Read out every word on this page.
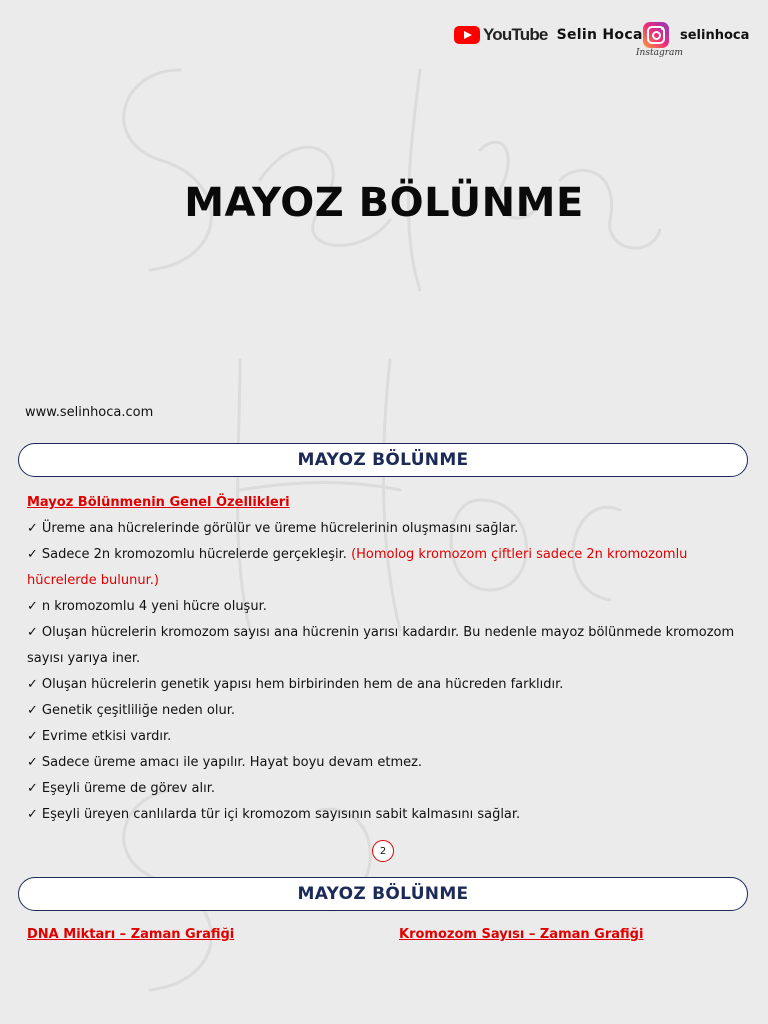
YouTube Selin Hoca	selinhoca
Instagram
MAYOZ BÖLÜNME
www.selinhoca.com
MAYOZ BÖLÜNME
Mayoz Bölünmenin Genel Özellikleri
✓ Üreme ana hücrelerinde görülür ve üreme hücrelerinin oluşmasını sağlar.
✓ Sadece 2n kromozomlu hücrelerde gerçekleşir. (Homolog kromozom çiftleri sadece 2n kromozomlu hücrelerde bulunur.)
✓ n kromozomlu 4 yeni hücre oluşur.
✓ Oluşan hücrelerin kromozom sayısı ana hücrenin yarısı kadardır. Bu nedenle mayoz bölünmede kromozom sayısı yarıya iner.
✓ Oluşan hücrelerin genetik yapısı hem birbirinden hem de ana hücreden farklıdır.
✓ Genetik çeşitliliğe neden olur.
✓ Evrime etkisi vardır.
✓ Sadece üreme amacı ile yapılır. Hayat boyu devam etmez.
✓ Eşeyli üreme de görev alır.
✓ Eşeyli üreyen canlılarda tür içi kromozom sayısının sabit kalmasını sağlar.
2
MAYOZ BÖLÜNME
DNA Miktarı – Zaman Grafiği	Kromozom Sayısı – Zaman Grafiği
